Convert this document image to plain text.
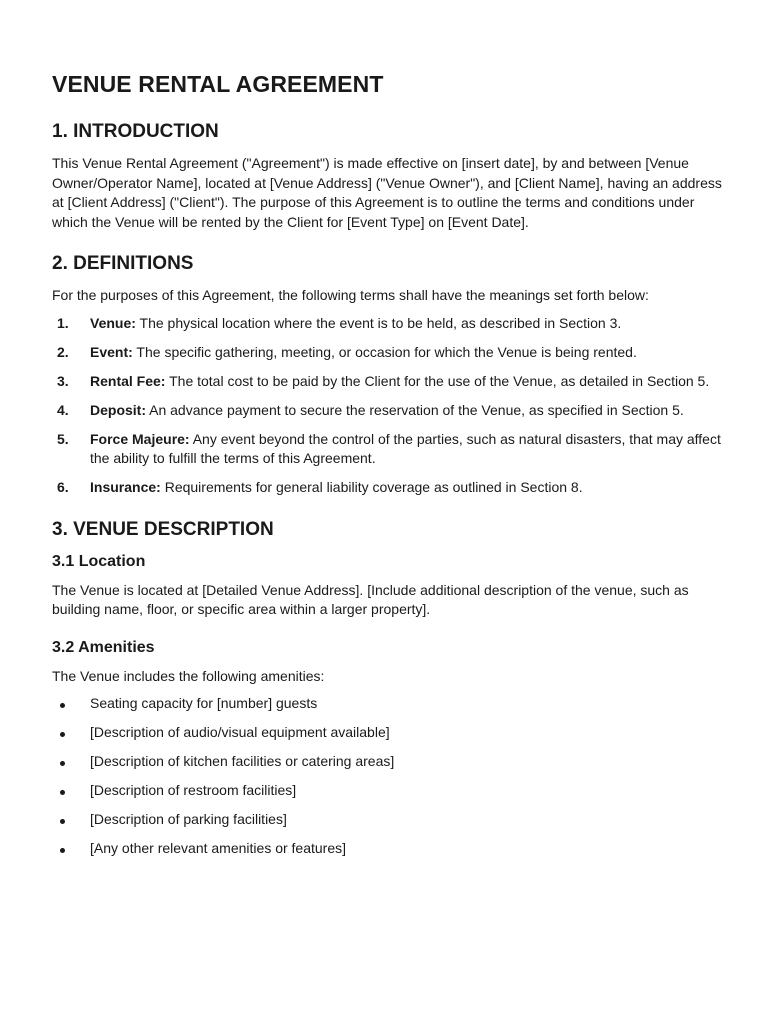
VENUE RENTAL AGREEMENT
1. INTRODUCTION

This Venue Rental Agreement ("Agreement") is made effective on [insert date], by and between [Venue Owner/Operator Name], located at [Venue Address] ("Venue Owner"), and [Client Name], having an address at [Client Address] ("Client"). The purpose of this Agreement is to outline the terms and conditions under which the Venue will be rented by the Client for [Event Type] on [Event Date].

2. DEFINITIONS

For the purposes of this Agreement, the following terms shall have the meanings set forth below:

1. Venue: The physical location where the event is to be held, as described in Section 3.
2. Event: The specific gathering, meeting, or occasion for which the Venue is being rented.
3. Rental Fee: The total cost to be paid by the Client for the use of the Venue, as detailed in Section 5.
4. Deposit: An advance payment to secure the reservation of the Venue, as specified in Section 5.
5. Force Majeure: Any event beyond the control of the parties, such as natural disasters, that may affect the ability to fulfill the terms of this Agreement.
6. Insurance: Requirements for general liability coverage as outlined in Section 8.
3. VENUE DESCRIPTION
3.1 Location

The Venue is located at [Detailed Venue Address]. [Include additional description of the venue, such as building name, floor, or specific area within a larger property].

3.2 Amenities

The Venue includes the following amenities:

Seating capacity for [number] guests
[Description of audio/visual equipment available]
[Description of kitchen facilities or catering areas]
[Description of restroom facilities]
[Description of parking facilities]
[Any other relevant amenities or features]
